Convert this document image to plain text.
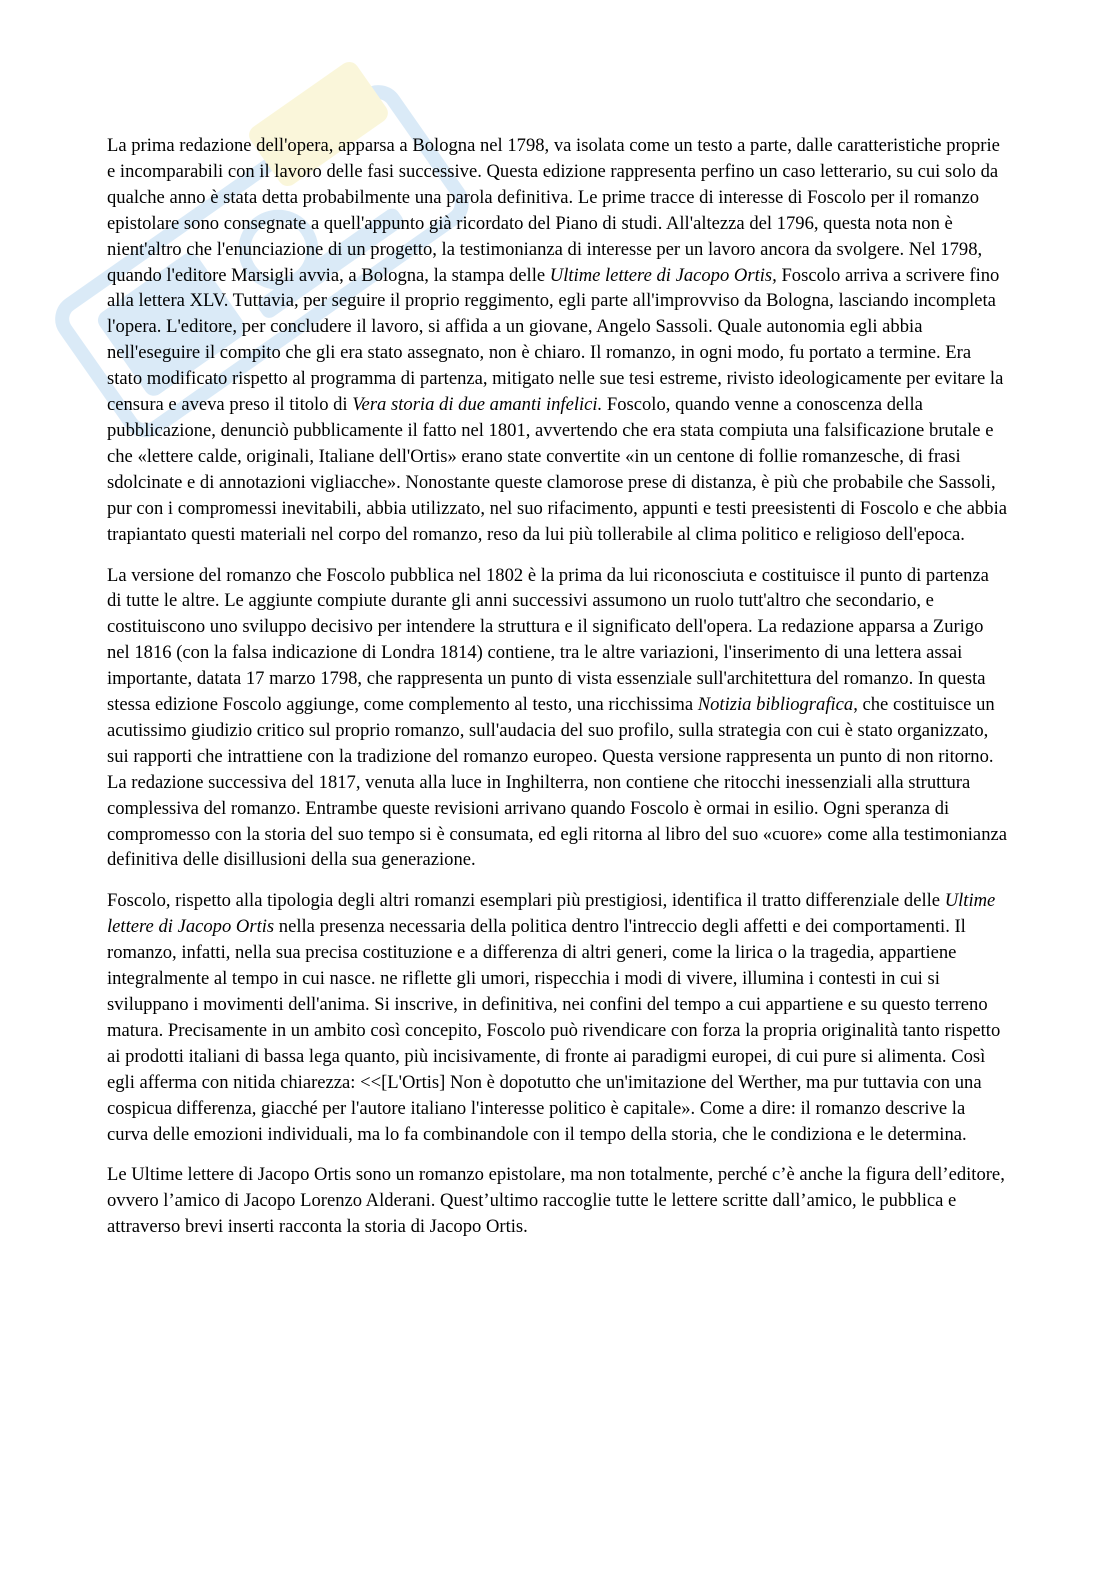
La prima redazione dell'opera, apparsa a Bologna nel 1798, va isolata come un testo a parte, dalle caratteristiche proprie e incomparabili con il lavoro delle fasi successive. Questa edizione rappresenta perfino un caso letterario, su cui solo da qualche anno è stata detta probabilmente una parola definitiva. Le prime tracce di interesse di Foscolo per il romanzo epistolare sono consegnate a quell'appunto già ricordato del Piano di studi. All'altezza del 1796, questa nota non è nient'altro che l'enunciazione di un progetto, la testimonianza di interesse per un lavoro ancora da svolgere. Nel 1798, quando l'editore Marsigli avvia, a Bologna, la stampa delle Ultime lettere di Jacopo Ortis, Foscolo arriva a scrivere fino alla lettera XLV. Tuttavia, per seguire il proprio reggimento, egli parte all'improvviso da Bologna, lasciando incompleta l'opera. L'editore, per concludere il lavoro, si affida a un giovane, Angelo Sassoli. Quale autonomia egli abbia nell'eseguire il compito che gli era stato assegnato, non è chiaro. Il romanzo, in ogni modo, fu portato a termine. Era stato modificato rispetto al programma di partenza, mitigato nelle sue tesi estreme, rivisto ideologicamente per evitare la censura e aveva preso il titolo di Vera storia di due amanti infelici. Foscolo, quando venne a conoscenza della pubblicazione, denunciò pubblicamente il fatto nel 1801, avvertendo che era stata compiuta una falsificazione brutale e che «lettere calde, originali, Italiane dell'Ortis» erano state convertite «in un centone di follie romanzesche, di frasi sdolcinate e di annotazioni vigliacche». Nonostante queste clamorose prese di distanza, è più che probabile che Sassoli, pur con i compromessi inevitabili, abbia utilizzato, nel suo rifacimento, appunti e testi preesistenti di Foscolo e che abbia trapiantato questi materiali nel corpo del romanzo, reso da lui più tollerabile al clima politico e religioso dell'epoca.

La versione del romanzo che Foscolo pubblica nel 1802 è la prima da lui riconosciuta e costituisce il punto di partenza di tutte le altre. Le aggiunte compiute durante gli anni successivi assumono un ruolo tutt'altro che secondario, e costituiscono uno sviluppo decisivo per intendere la struttura e il significato dell'opera. La redazione apparsa a Zurigo nel 1816 (con la falsa indicazione di Londra 1814) contiene, tra le altre variazioni, l'inserimento di una lettera assai importante, datata 17 marzo 1798, che rappresenta un punto di vista essenziale sull'architettura del romanzo. In questa stessa edizione Foscolo aggiunge, come complemento al testo, una ricchissima Notizia bibliografica, che costituisce un acutissimo giudizio critico sul proprio romanzo, sull'audacia del suo profilo, sulla strategia con cui è stato organizzato, sui rapporti che intrattiene con la tradizione del romanzo europeo. Questa versione rappresenta un punto di non ritorno. La redazione successiva del 1817, venuta alla luce in Inghilterra, non contiene che ritocchi inessenziali alla struttura complessiva del romanzo. Entrambe queste revisioni arrivano quando Foscolo è ormai in esilio. Ogni speranza di compromesso con la storia del suo tempo si è consumata, ed egli ritorna al libro del suo «cuore» come alla testimonianza definitiva delle disillusioni della sua generazione.

Foscolo, rispetto alla tipologia degli altri romanzi esemplari più prestigiosi, identifica il tratto differenziale delle Ultime lettere di Jacopo Ortis nella presenza necessaria della politica dentro l'intreccio degli affetti e dei comportamenti. Il romanzo, infatti, nella sua precisa costituzione e a differenza di altri generi, come la lirica o la tragedia, appartiene integralmente al tempo in cui nasce. ne riflette gli umori, rispecchia i modi di vivere, illumina i contesti in cui si sviluppano i movimenti dell'anima. Si inscrive, in definitiva, nei confini del tempo a cui appartiene e su questo terreno matura. Precisamente in un ambito così concepito, Foscolo può rivendicare con forza la propria originalità tanto rispetto ai prodotti italiani di bassa lega quanto, più incisivamente, di fronte ai paradigmi europei, di cui pure si alimenta. Così egli afferma con nitida chiarezza: <<[L'Ortis] Non è dopotutto che un'imitazione del Werther, ma pur tuttavia con una cospicua differenza, giacché per l'autore italiano l'interesse politico è capitale». Come a dire: il romanzo descrive la curva delle emozioni individuali, ma lo fa combinandole con il tempo della storia, che le condiziona e le determina.

Le Ultime lettere di Jacopo Ortis sono un romanzo epistolare, ma non totalmente, perché c’è anche la figura dell’editore, ovvero l’amico di Jacopo Lorenzo Alderani. Quest’ultimo raccoglie tutte le lettere scritte dall’amico, le pubblica e attraverso brevi inserti racconta la storia di Jacopo Ortis.
